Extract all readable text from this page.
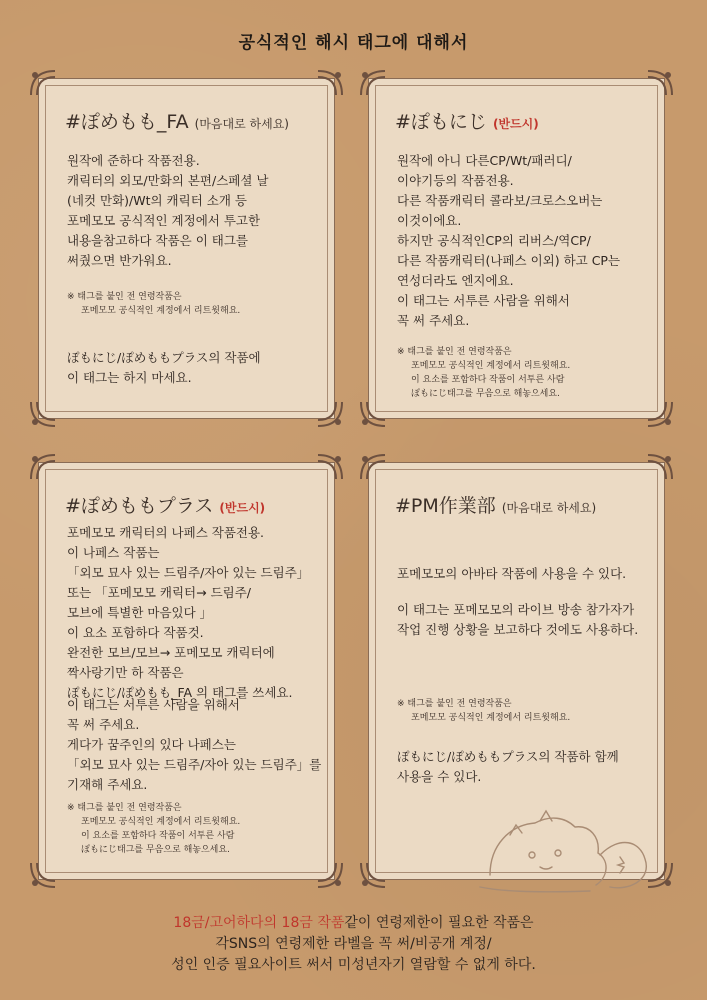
공식적인 해시 태그에 대해서
#ぽめもも_FA (마음대로 하세요)
원작에 준하다 작품전용.
캐릭터의 외모/만화의 본편/스페셜 날
(네컷 만화)/Wt의 캐릭터 소개 등
포메모모 공식적인 계정에서 투고한
내용을참고하다 작품은 이 태그를
써줬으면 반가워요.
※ 태그를 붙인 전 연령작품은
포메모모 공식적인 계정에서 리트윗해요.
ぽもにじ/ぽめももプラス의 작품에
이 태그는 하지 마세요.
#ぽもにじ (반드시)
원작에 아니 다른CP/Wt/패러디/
이야기등의 작품전용.
다른 작품캐릭터 콜라보/크로스오버는
이것이에요.
하지만 공식적인CP의 리버스/역CP/
다른 작품캐릭터(나페스 이외) 하고 CP는
연성더라도 엔지에요.
이 태그는 서투른 사람을 위해서
꼭 써 주세요.
※ 태그를 붙인 전 연령작품은
포메모모 공식적인 계정에서 리트윗해요.
이 요소를 포함하다 작품이 서투른 사람
ぽもにじ태그를 무음으로 해놓으세요.
#ぽめももプラス (반드시)
포메모모 캐릭터의 나페스 작품전용.
이 나페스 작품는
「외모 묘사 있는 드림주/자아 있는 드림주」
또는 「포메모모 캐릭터→ 드림주/
모브에 특별한 마음있다 」
이 요소 포함하다 작품것.
완전한 모브/모브→ 포메모모 캐릭터에
짝사랑기만 하 작품은
ぽもにじ/ぽめもも_FA 의 태그를 쓰세요.
이 태그는 서투른 사람을 위해서
꼭 써 주세요.
게다가 꿈주인의 있다 나페스는
「외모 묘사 있는 드림주/자아 있는 드림주」를
기재해 주세요.
※ 태그를 붙인 전 연령작품은
포메모모 공식적인 계정에서 리트윗해요.
이 요소를 포함하다 작품이 서투른 사람
ぽもにじ태그를 무음으로 해놓으세요.
#PM作業部 (마음대로 하세요)
포메모모의 아바타 작품에 사용을 수 있다.
이 태그는 포메모모의 라이브 방송 참가자가
작업 진행 상황을 보고하다 것에도 사용하다.
※ 태그를 붙인 전 연령작품은
포메모모 공식적인 계정에서 리트윗해요.
ぽもにじ/ぽめももプラス의 작품하 함께
사용을 수 있다.
18금/고어하다의 18금 작품같이 연령제한이 필요한 작품은
각SNS의 연령제한 라벨을 꼭 써/비공개 계정/
성인 인증 필요사이트 써서 미성년자기 열람할 수 없게 하다.
